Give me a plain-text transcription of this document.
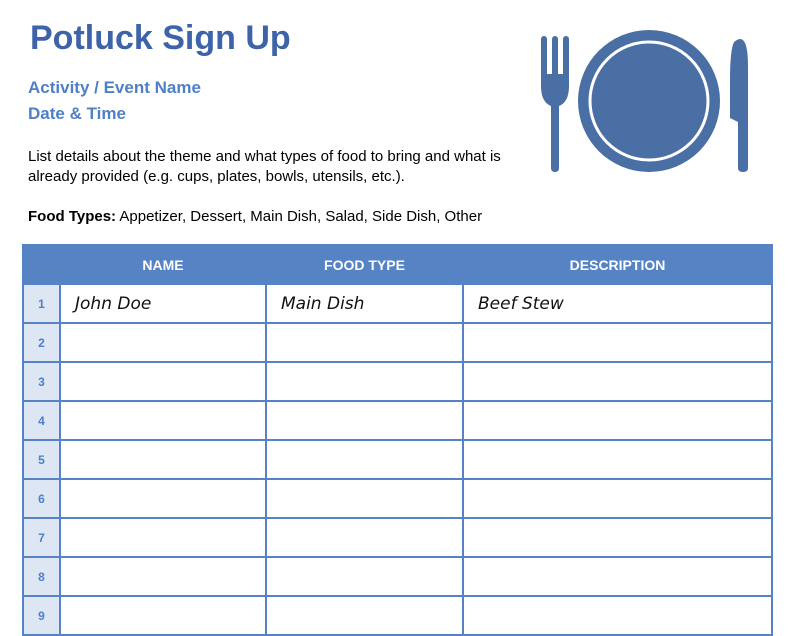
Potluck Sign Up
Activity / Event Name
Date & Time
List details about the theme and what types of food to bring and what is already provided (e.g. cups, plates, bowls, utensils, etc.).
Food Types: Appetizer, Dessert, Main Dish, Salad, Side Dish, Other
	NAME	FOOD TYPE	DESCRIPTION
1	John Doe	Main Dish	Beef Stew
2			
3			
4			
5			
6			
7			
8			
9			
